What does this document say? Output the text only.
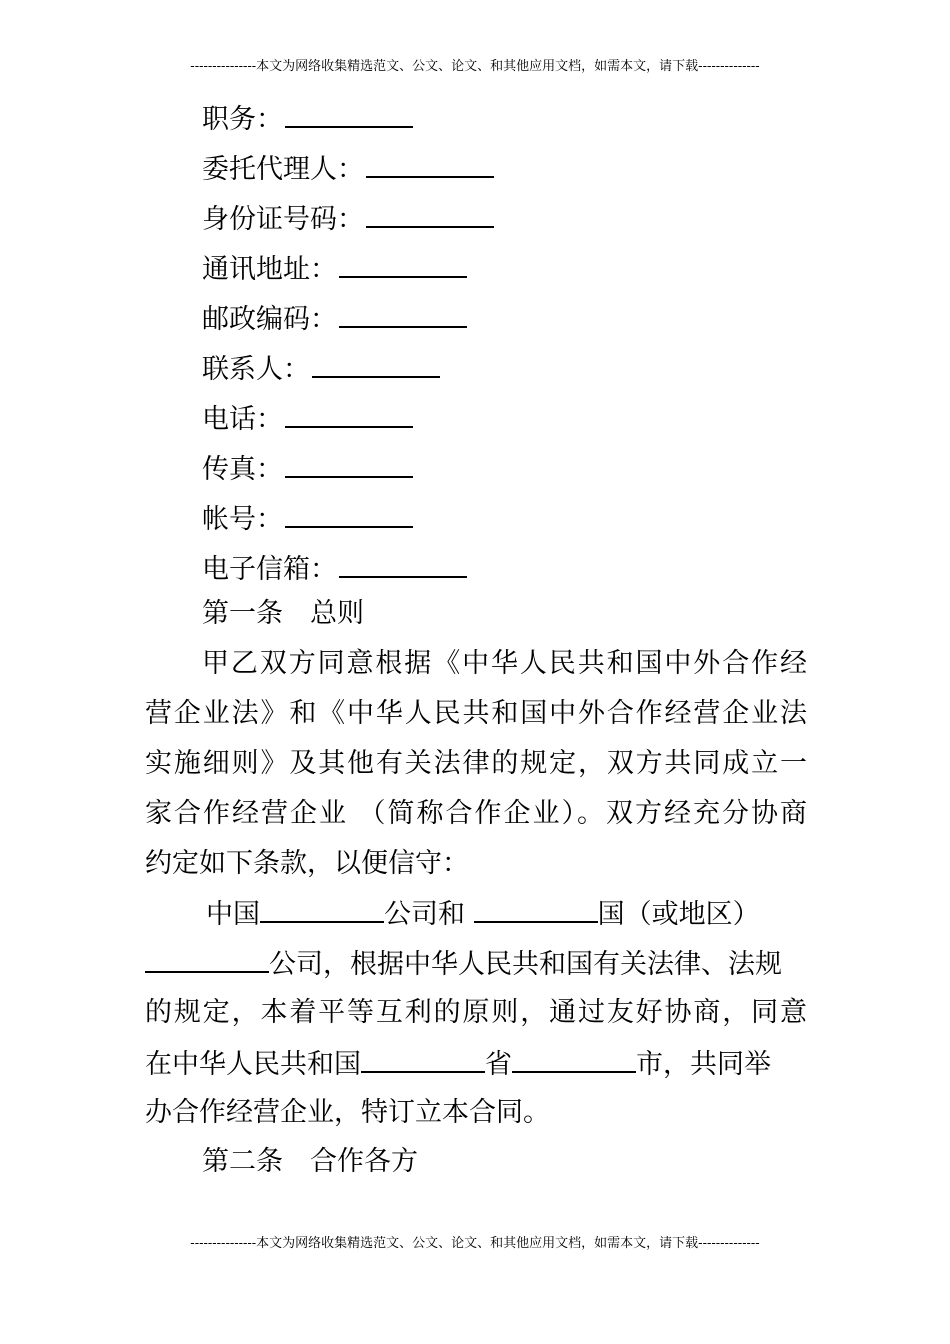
---------------本文为网络收集精选范文、公文、论文、和其他应用文档，如需本文，请下载--------------
职务：
委托代理人：
身份证号码：
通讯地址：
邮政编码：
联系人：
电话：
传真：
帐号：
电子信箱：
第一条　总则
甲乙双方同意根据《中华人民共和国中外合作经
营企业法》和《中华人民共和国中外合作经营企业法
实施细则》及其他有关法律的规定，双方共同成立一
家合作经营企业 （简称合作企业）。双方经充分协商
约定如下条款，以便信守：
中国	公司和	国（或地区）
公司，根据中华人民共和国有关法律、法规
的规定，本着平等互利的原则，通过友好协商，同意
在中华人民共和国	省	市，共同举
办合作经营企业，特订立本合同。
第二条　合作各方
---------------本文为网络收集精选范文、公文、论文、和其他应用文档，如需本文，请下载--------------
